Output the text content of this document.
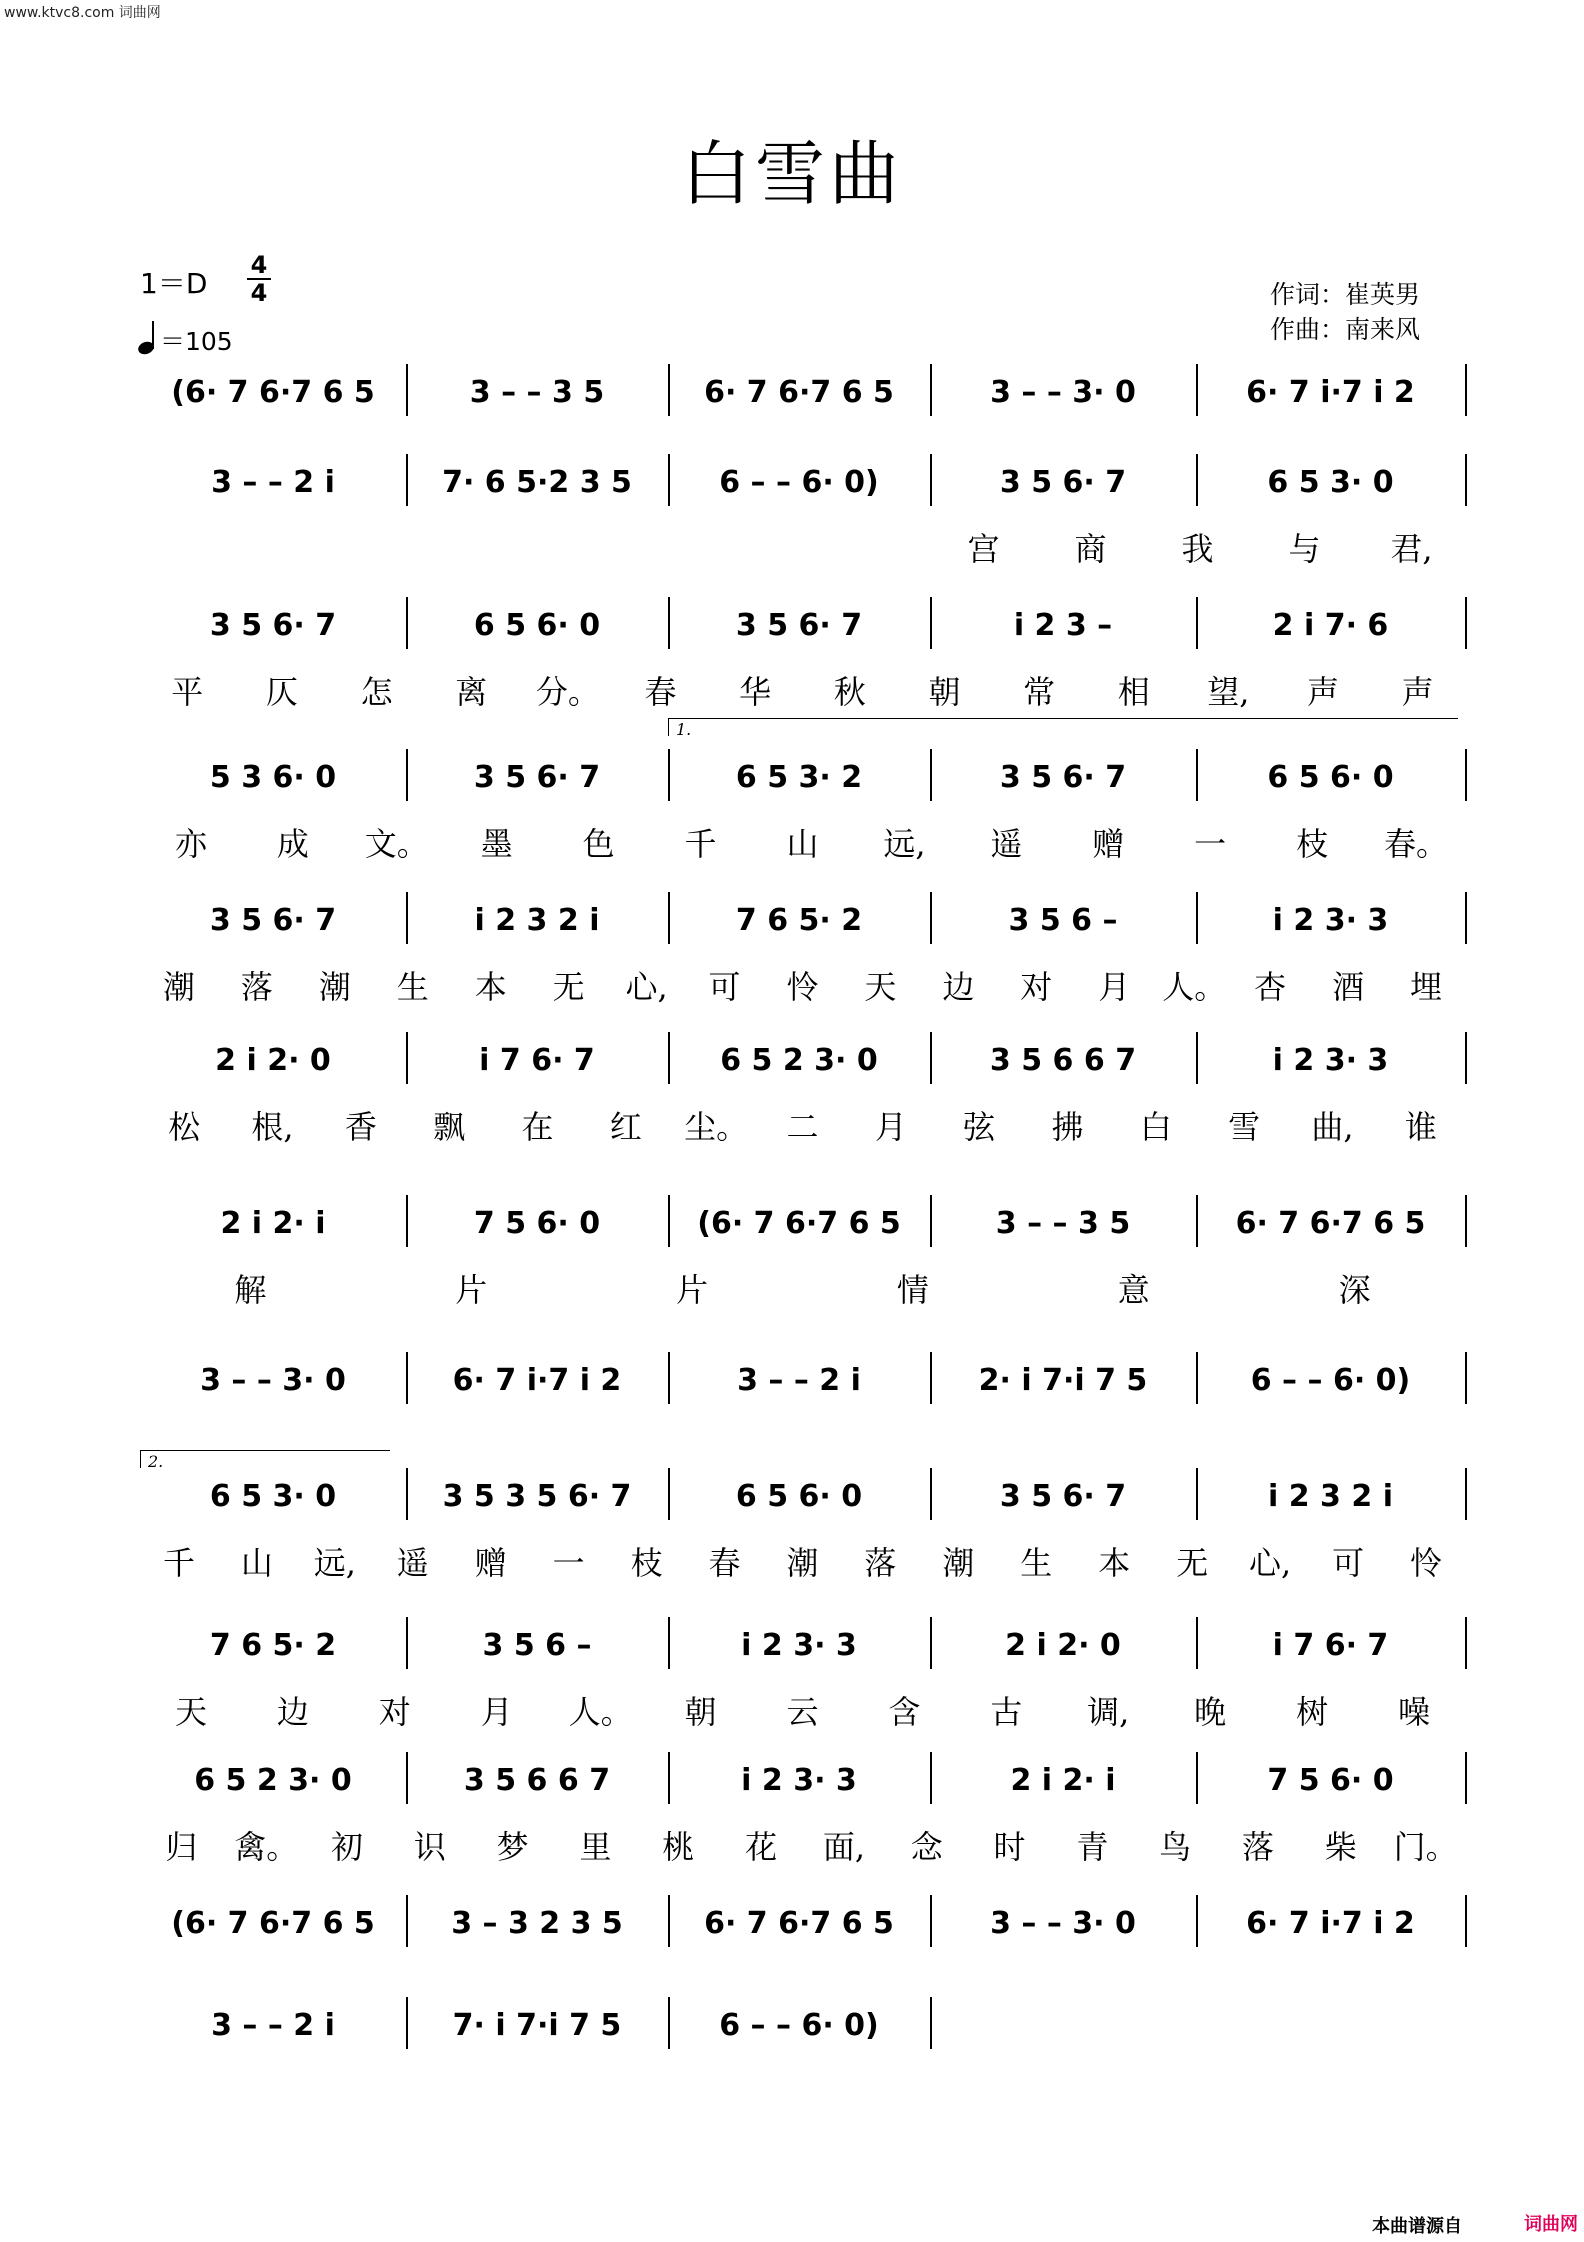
www.ktvc8.com 词曲网
白雪曲
1＝D
4
4
＝105
作词：崔英男
作曲：南来风
(6· 7 6·7 6 5	3 – – 3 5	6· 7 6·7 6 5	3 – – 3· 0	6· 7 i·7 i 2
3 – – 2 i	7· 6 5·2 3 5	6 – – 6· 0)	3 5 6· 7	6 5 3· 0
宫	商	我	与	君,
3 5 6· 7	6 5 6· 0	3 5 6· 7	i 2 3 –	2 i 7· 6
平	仄	怎	离	分。	春	华	秋	朝	常	相	望,	声	声
5 3 6· 0	3 5 6· 7	6 5 3· 2	3 5 6· 7	6 5 6· 0
亦	成	文。	墨	色	千	山	远,	遥	赠	一	枝	春。
3 5 6· 7	i 2 3 2 i	7 6 5· 2	3 5 6 –	i 2 3· 3
潮	落	潮	生	本	无	心,	可	怜	天	边	对	月 人。 杏	酒	埋
2 i 2· 0	i 7 6· 7	6 5 2 3· 0	3 5 6 6 7	i 2 3· 3
松	根,	香	飘	在	红	尘。	二	月	弦	拂	白	雪	曲,	谁
2 i 2· i	7 5 6· 0	(6· 7 6·7 6 5	3 – – 3 5	6· 7 6·7 6 5
解	片	片	情	意	深
3 – – 3· 0	6· 7 i·7 i 2	3 – – 2 i	2· i 7·i 7 5	6 – – 6· 0)
6 5 3· 0	3 5 3 5 6· 7	6 5 6· 0	3 5 6· 7	i 2 3 2 i
千	山	远,	遥	赠	一	枝	春	潮	落	潮	生	本	无	心,	可	怜
7 6 5· 2	3 5 6 –	i 2 3· 3	2 i 2· 0	i 7 6· 7
天	边	对	月	人。	朝	云	含	古	调,	晚	树	噪
6 5 2 3· 0	3 5 6 6 7	i 2 3· 3	2 i 2· i	7 5 6· 0
归	禽。	初	识	梦	里	桃	花	面,	念	时	青	鸟	落	柴	门。
(6· 7 6·7 6 5	3 – 3 2 3 5	6· 7 6·7 6 5	3 – – 3· 0	6· 7 i·7 i 2
3 – – 2 i	7· i 7·i 7 5	6 – – 6· 0)
1.
2.
本曲谱源自	词曲网
